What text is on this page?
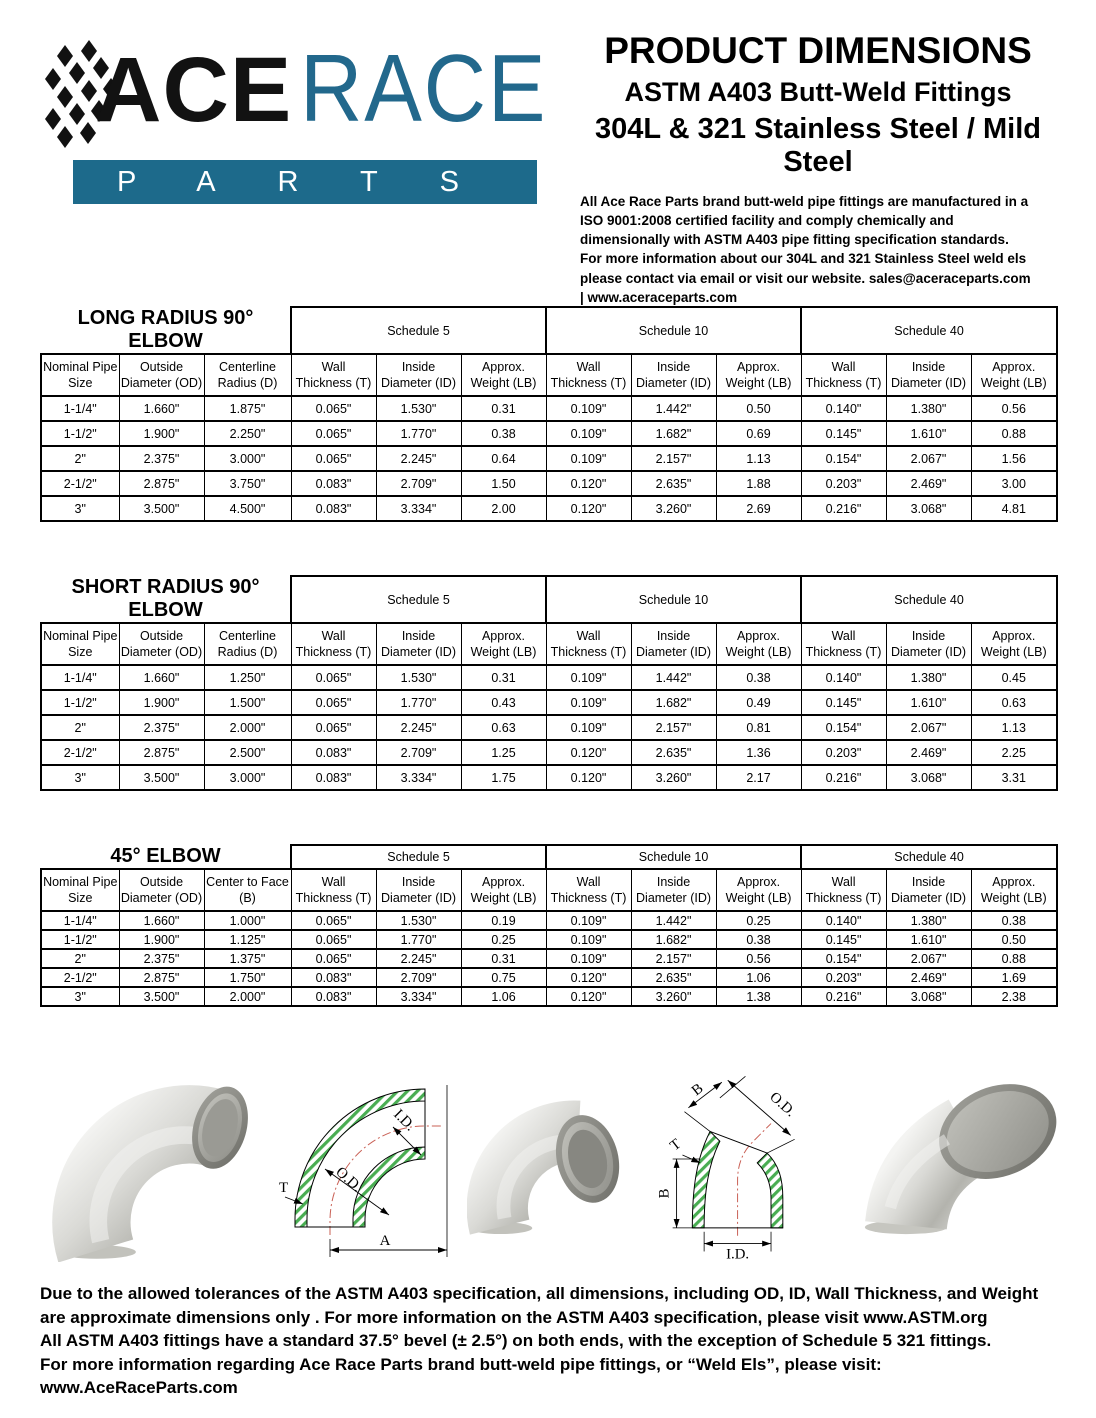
ACERACE
PARTS
PRODUCT DIMENSIONS
ASTM A403 Butt-Weld Fittings
304L & 321 Stainless Steel / Mild Steel

All Ace Race Parts brand butt-weld pipe fittings are manufactured in a ISO 9001:2008 certified facility and comply chemically and dimensionally with ASTM A403 pipe fitting specification standards. For more information about our 304L and 321 Stainless Steel weld els please contact via email or visit our website. sales@aceraceparts.com | www.aceraceparts.com

LONG RADIUS 90° ELBOW			Schedule 5			Schedule 10			Schedule 40		
Nominal Pipe Size	Outside Diameter (OD)	Centerline Radius (D)	Wall Thickness (T)	Inside Diameter (ID)	Approx. Weight (LB)	Wall Thickness (T)	Inside Diameter (ID)	Approx. Weight (LB)	Wall Thickness (T)	Inside Diameter (ID)	Approx. Weight (LB)
1-1/4"	1.660"	1.875"	0.065"	1.530"	0.31	0.109"	1.442"	0.50	0.140"	1.380"	0.56
1-1/2"	1.900"	2.250"	0.065"	1.770"	0.38	0.109"	1.682"	0.69	0.145"	1.610"	0.88
2"	2.375"	3.000"	0.065"	2.245"	0.64	0.109"	2.157"	1.13	0.154"	2.067"	1.56
2-1/2"	2.875"	3.750"	0.083"	2.709"	1.50	0.120"	2.635"	1.88	0.203"	2.469"	3.00
3"	3.500"	4.500"	0.083"	3.334"	2.00	0.120"	3.260"	2.69	0.216"	3.068"	4.81
SHORT RADIUS 90° ELBOW			Schedule 5			Schedule 10			Schedule 40		
Nominal Pipe Size	Outside Diameter (OD)	Centerline Radius (D)	Wall Thickness (T)	Inside Diameter (ID)	Approx. Weight (LB)	Wall Thickness (T)	Inside Diameter (ID)	Approx. Weight (LB)	Wall Thickness (T)	Inside Diameter (ID)	Approx. Weight (LB)
1-1/4"	1.660"	1.250"	0.065"	1.530"	0.31	0.109"	1.442"	0.38	0.140"	1.380"	0.45
1-1/2"	1.900"	1.500"	0.065"	1.770"	0.43	0.109"	1.682"	0.49	0.145"	1.610"	0.63
2"	2.375"	2.000"	0.065"	2.245"	0.63	0.109"	2.157"	0.81	0.154"	2.067"	1.13
2-1/2"	2.875"	2.500"	0.083"	2.709"	1.25	0.120"	2.635"	1.36	0.203"	2.469"	2.25
3"	3.500"	3.000"	0.083"	3.334"	1.75	0.120"	3.260"	2.17	0.216"	3.068"	3.31
45° ELBOW			Schedule 5			Schedule 10			Schedule 40		
Nominal Pipe Size	Outside Diameter (OD)	Center to Face (B)	Wall Thickness (T)	Inside Diameter (ID)	Approx. Weight (LB)	Wall Thickness (T)	Inside Diameter (ID)	Approx. Weight (LB)	Wall Thickness (T)	Inside Diameter (ID)	Approx. Weight (LB)
1-1/4"	1.660"	1.000"	0.065"	1.530"	0.19	0.109"	1.442"	0.25	0.140"	1.380"	0.38
1-1/2"	1.900"	1.125"	0.065"	1.770"	0.25	0.109"	1.682"	0.38	0.145"	1.610"	0.50
2"	2.375"	1.375"	0.065"	2.245"	0.31	0.109"	2.157"	0.56	0.154"	2.067"	0.88
2-1/2"	2.875"	1.750"	0.083"	2.709"	0.75	0.120"	2.635"	1.06	0.203"	2.469"	1.69
3"	3.500"	2.000"	0.083"	3.334"	1.06	0.120"	3.260"	1.38	0.216"	3.068"	2.38
A
I.D.
O.D.
T
B	O.D.
T
B
I.D.
Due to the allowed tolerances of the ASTM A403 specification, all dimensions, including OD, ID, Wall Thickness, and Weight
are approximate dimensions only . For more information on the ASTM A403 specification, please visit www.ASTM.org
All ASTM A403 fittings have a standard 37.5° bevel (± 2.5°) on both ends, with the exception of Schedule 5 321 fittings.
For more information regarding Ace Race Parts brand butt-weld pipe fittings, or “Weld Els”, please visit: www.AceRaceParts.com
